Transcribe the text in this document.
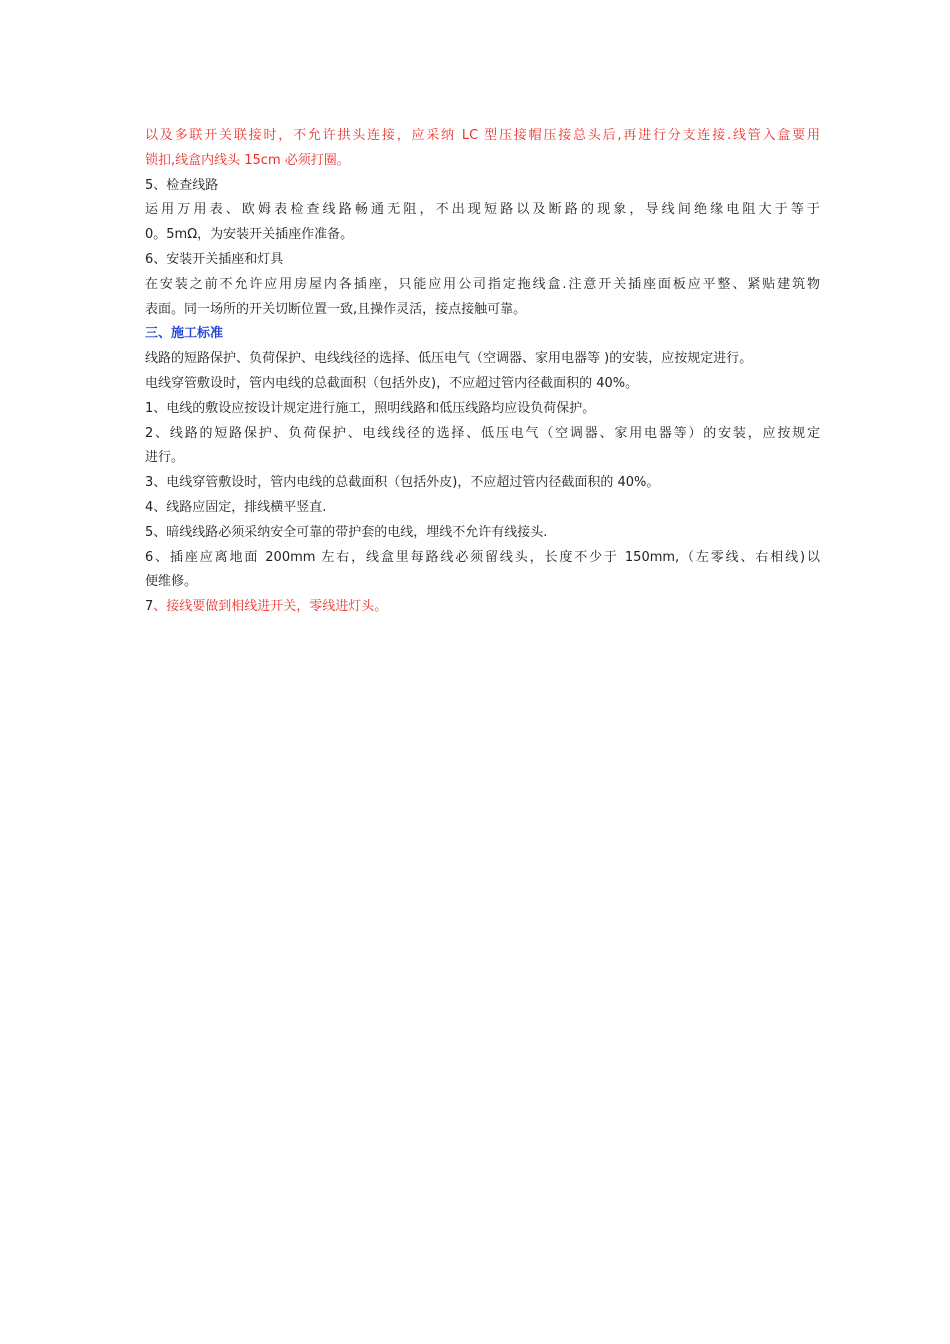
以及多联开关联接时，不允许拱头连接，应采纳 LC 型压接帽压接总头后,再进行分支连接.线管入盒要用
锁扣,线盒内线头 15cm 必须打圈。
5、检查线路
运用万用表、欧姆表检查线路畅通无阻，不出现短路以及断路的现象，导线间绝缘电阻大于等于
0。5mΩ，为安装开关插座作准备。
6、安装开关插座和灯具
在安装之前不允许应用房屋内各插座，只能应用公司指定拖线盒.注意开关插座面板应平整、紧贴建筑物
表面。同一场所的开关切断位置一致,且操作灵活，接点接触可靠。
三、施工标准
线路的短路保护、负荷保护、电线线径的选择、低压电气（空调器、家用电器等 )的安装，应按规定进行。
电线穿管敷设时，管内电线的总截面积（包括外皮)，不应超过管内径截面积的 40%。
1、电线的敷设应按设计规定进行施工，照明线路和低压线路均应设负荷保护。
2、线路的短路保护、负荷保护、电线线径的选择、低压电气（空调器、家用电器等）的安装，应按规定
进行。
3、电线穿管敷设时，管内电线的总截面积（包括外皮)，不应超过管内径截面积的 40%。
4、线路应固定，排线横平竖直.
5、暗线线路必须采纳安全可靠的带护套的电线，埋线不允许有线接头.
6、插座应离地面 200mm 左右，线盒里每路线必须留线头，长度不少于 150mm,（左零线、右相线)以
便维修。
7、接线要做到相线进开关，零线进灯头。
